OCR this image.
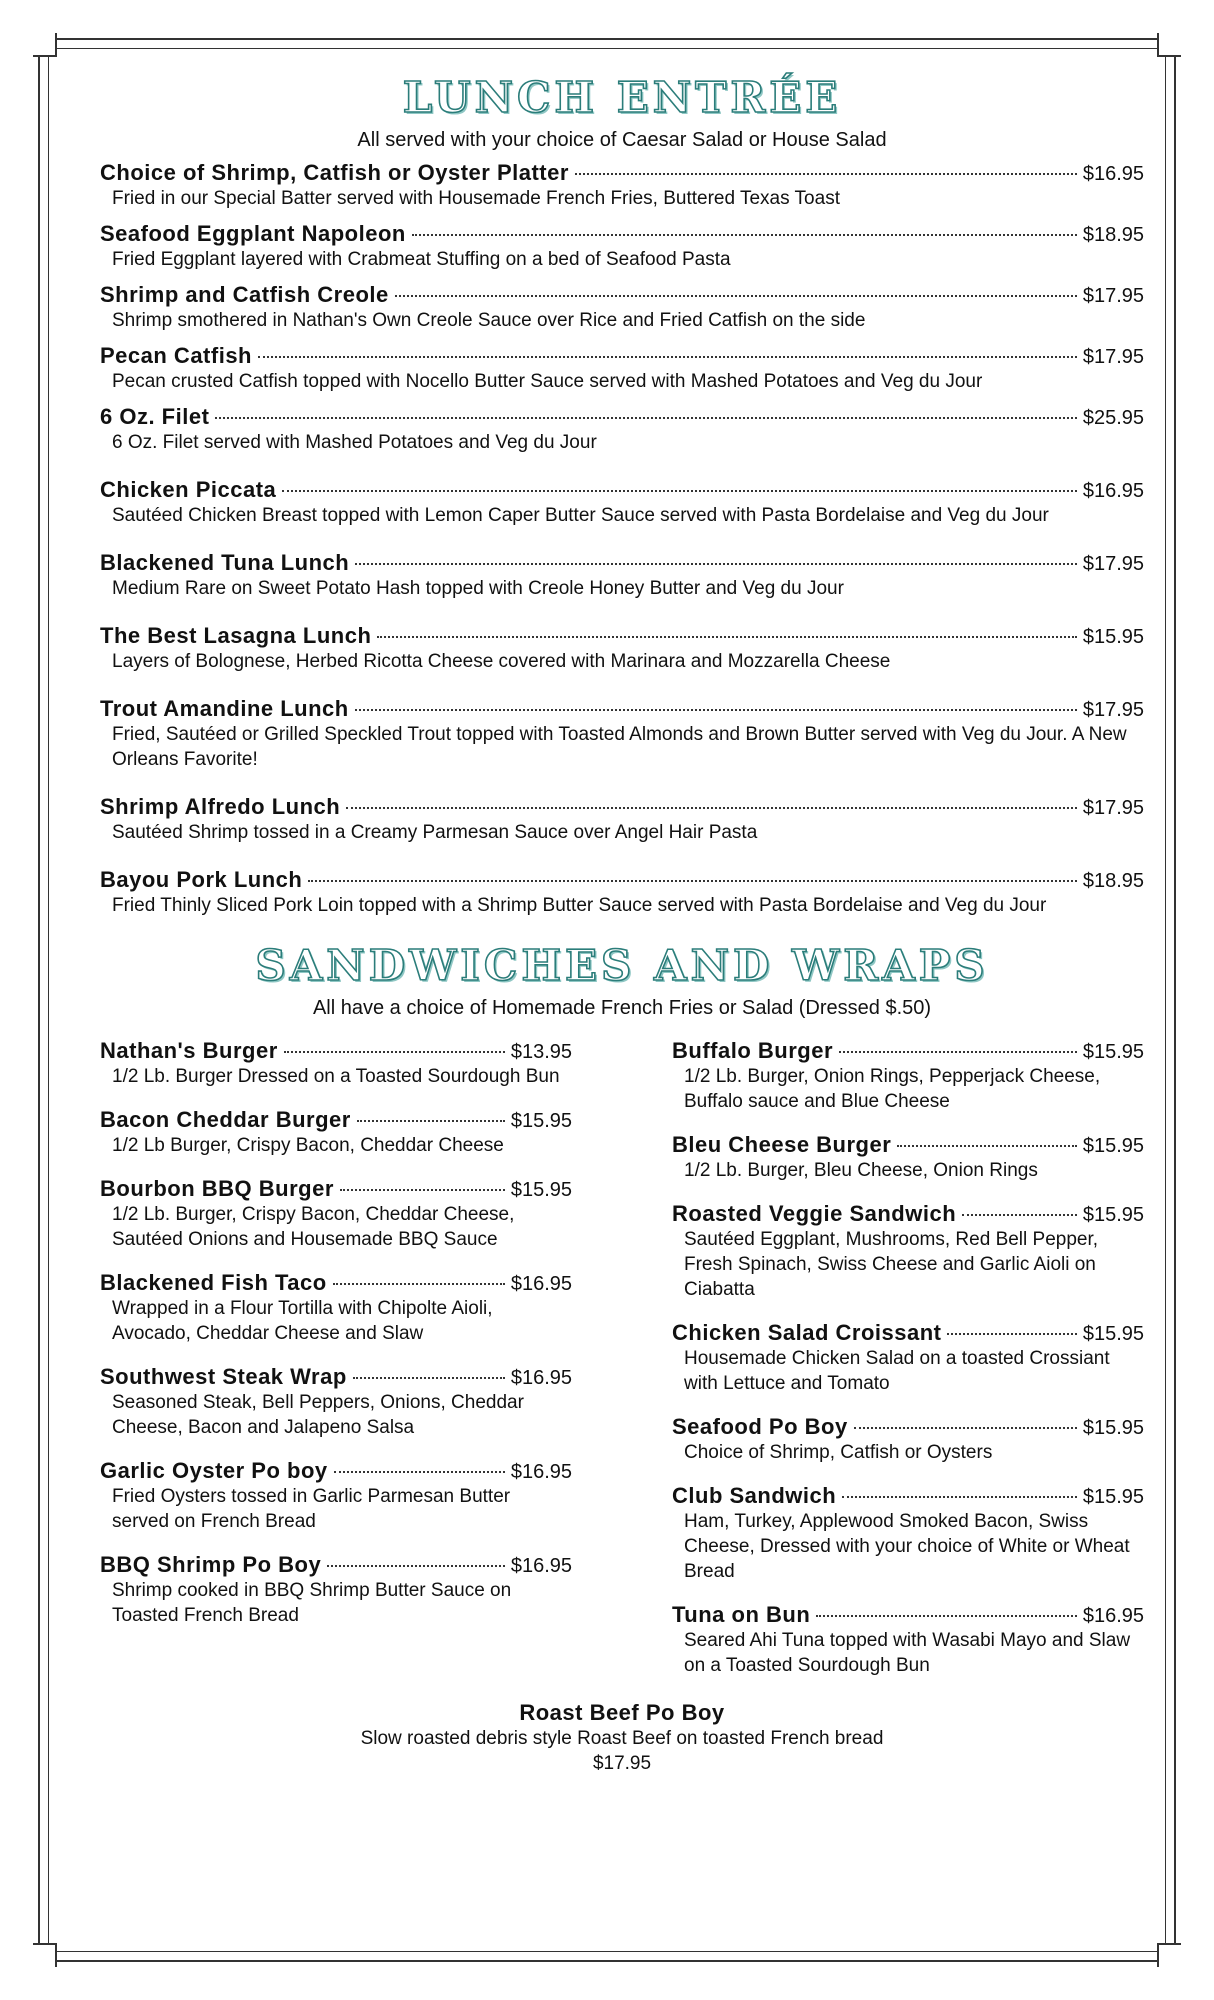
LUNCH ENTRÉE
All served with your choice of Caesar Salad or House Salad
Choice of Shrimp, Catfish or Oyster Platter	$16.95
Fried in our Special Batter served with Housemade French Fries, Buttered Texas Toast
Seafood Eggplant Napoleon	$18.95
Fried Eggplant layered with Crabmeat Stuffing on a bed of Seafood Pasta
Shrimp and Catfish Creole	$17.95
Shrimp smothered in Nathan's Own Creole Sauce over Rice and Fried Catfish on the side
Pecan Catfish	$17.95
Pecan crusted Catfish topped with Nocello Butter Sauce served with Mashed Potatoes and Veg du Jour
6 Oz. Filet	$25.95
6 Oz. Filet served with Mashed Potatoes and Veg du Jour
Chicken Piccata	$16.95
Sautéed Chicken Breast topped with Lemon Caper Butter Sauce served with Pasta Bordelaise and Veg du Jour
Blackened Tuna Lunch	$17.95
Medium Rare on Sweet Potato Hash topped with Creole Honey Butter and Veg du Jour
The Best Lasagna Lunch	$15.95
Layers of Bolognese, Herbed Ricotta Cheese covered with Marinara and Mozzarella Cheese
Trout Amandine Lunch	$17.95
Fried, Sautéed or Grilled Speckled Trout topped with Toasted Almonds and Brown Butter served with Veg du Jour. A New Orleans Favorite!
Shrimp Alfredo Lunch	$17.95
Sautéed Shrimp tossed in a Creamy Parmesan Sauce over Angel Hair Pasta
Bayou Pork Lunch	$18.95
Fried Thinly Sliced Pork Loin topped with a Shrimp Butter Sauce served with Pasta Bordelaise and Veg du Jour
SANDWICHES AND WRAPS
All have a choice of Homemade French Fries or Salad (Dressed $.50)
Nathan's Burger	$13.95
1/2 Lb. Burger Dressed on a Toasted Sourdough Bun
Bacon Cheddar Burger	$15.95
1/2 Lb Burger, Crispy Bacon, Cheddar Cheese
Bourbon BBQ Burger	$15.95
1/2 Lb. Burger, Crispy Bacon, Cheddar Cheese, Sautéed Onions and Housemade BBQ Sauce
Blackened Fish Taco	$16.95
Wrapped in a Flour Tortilla with Chipolte Aioli, Avocado, Cheddar Cheese and Slaw
Southwest Steak Wrap	$16.95
Seasoned Steak, Bell Peppers, Onions, Cheddar Cheese, Bacon and Jalapeno Salsa
Garlic Oyster Po boy	$16.95
Fried Oysters tossed in Garlic Parmesan Butter served on French Bread
BBQ Shrimp Po Boy	$16.95
Shrimp cooked in BBQ Shrimp Butter Sauce on Toasted French Bread
Buffalo Burger	$15.95
1/2 Lb. Burger, Onion Rings, Pepperjack Cheese, Buffalo sauce and Blue Cheese
Bleu Cheese Burger	$15.95
1/2 Lb. Burger, Bleu Cheese, Onion Rings
Roasted Veggie Sandwich	$15.95
Sautéed Eggplant, Mushrooms, Red Bell Pepper, Fresh Spinach, Swiss Cheese and Garlic Aioli on Ciabatta
Chicken Salad Croissant	$15.95
Housemade Chicken Salad on a toasted Crossiant with Lettuce and Tomato
Seafood Po Boy	$15.95
Choice of Shrimp, Catfish or Oysters
Club Sandwich	$15.95
Ham, Turkey, Applewood Smoked Bacon, Swiss Cheese, Dressed with your choice of White or Wheat Bread
Tuna on Bun	$16.95
Seared Ahi Tuna topped with Wasabi Mayo and Slaw on a Toasted Sourdough Bun
Roast Beef Po Boy
Slow roasted debris style Roast Beef on toasted French bread
$17.95
